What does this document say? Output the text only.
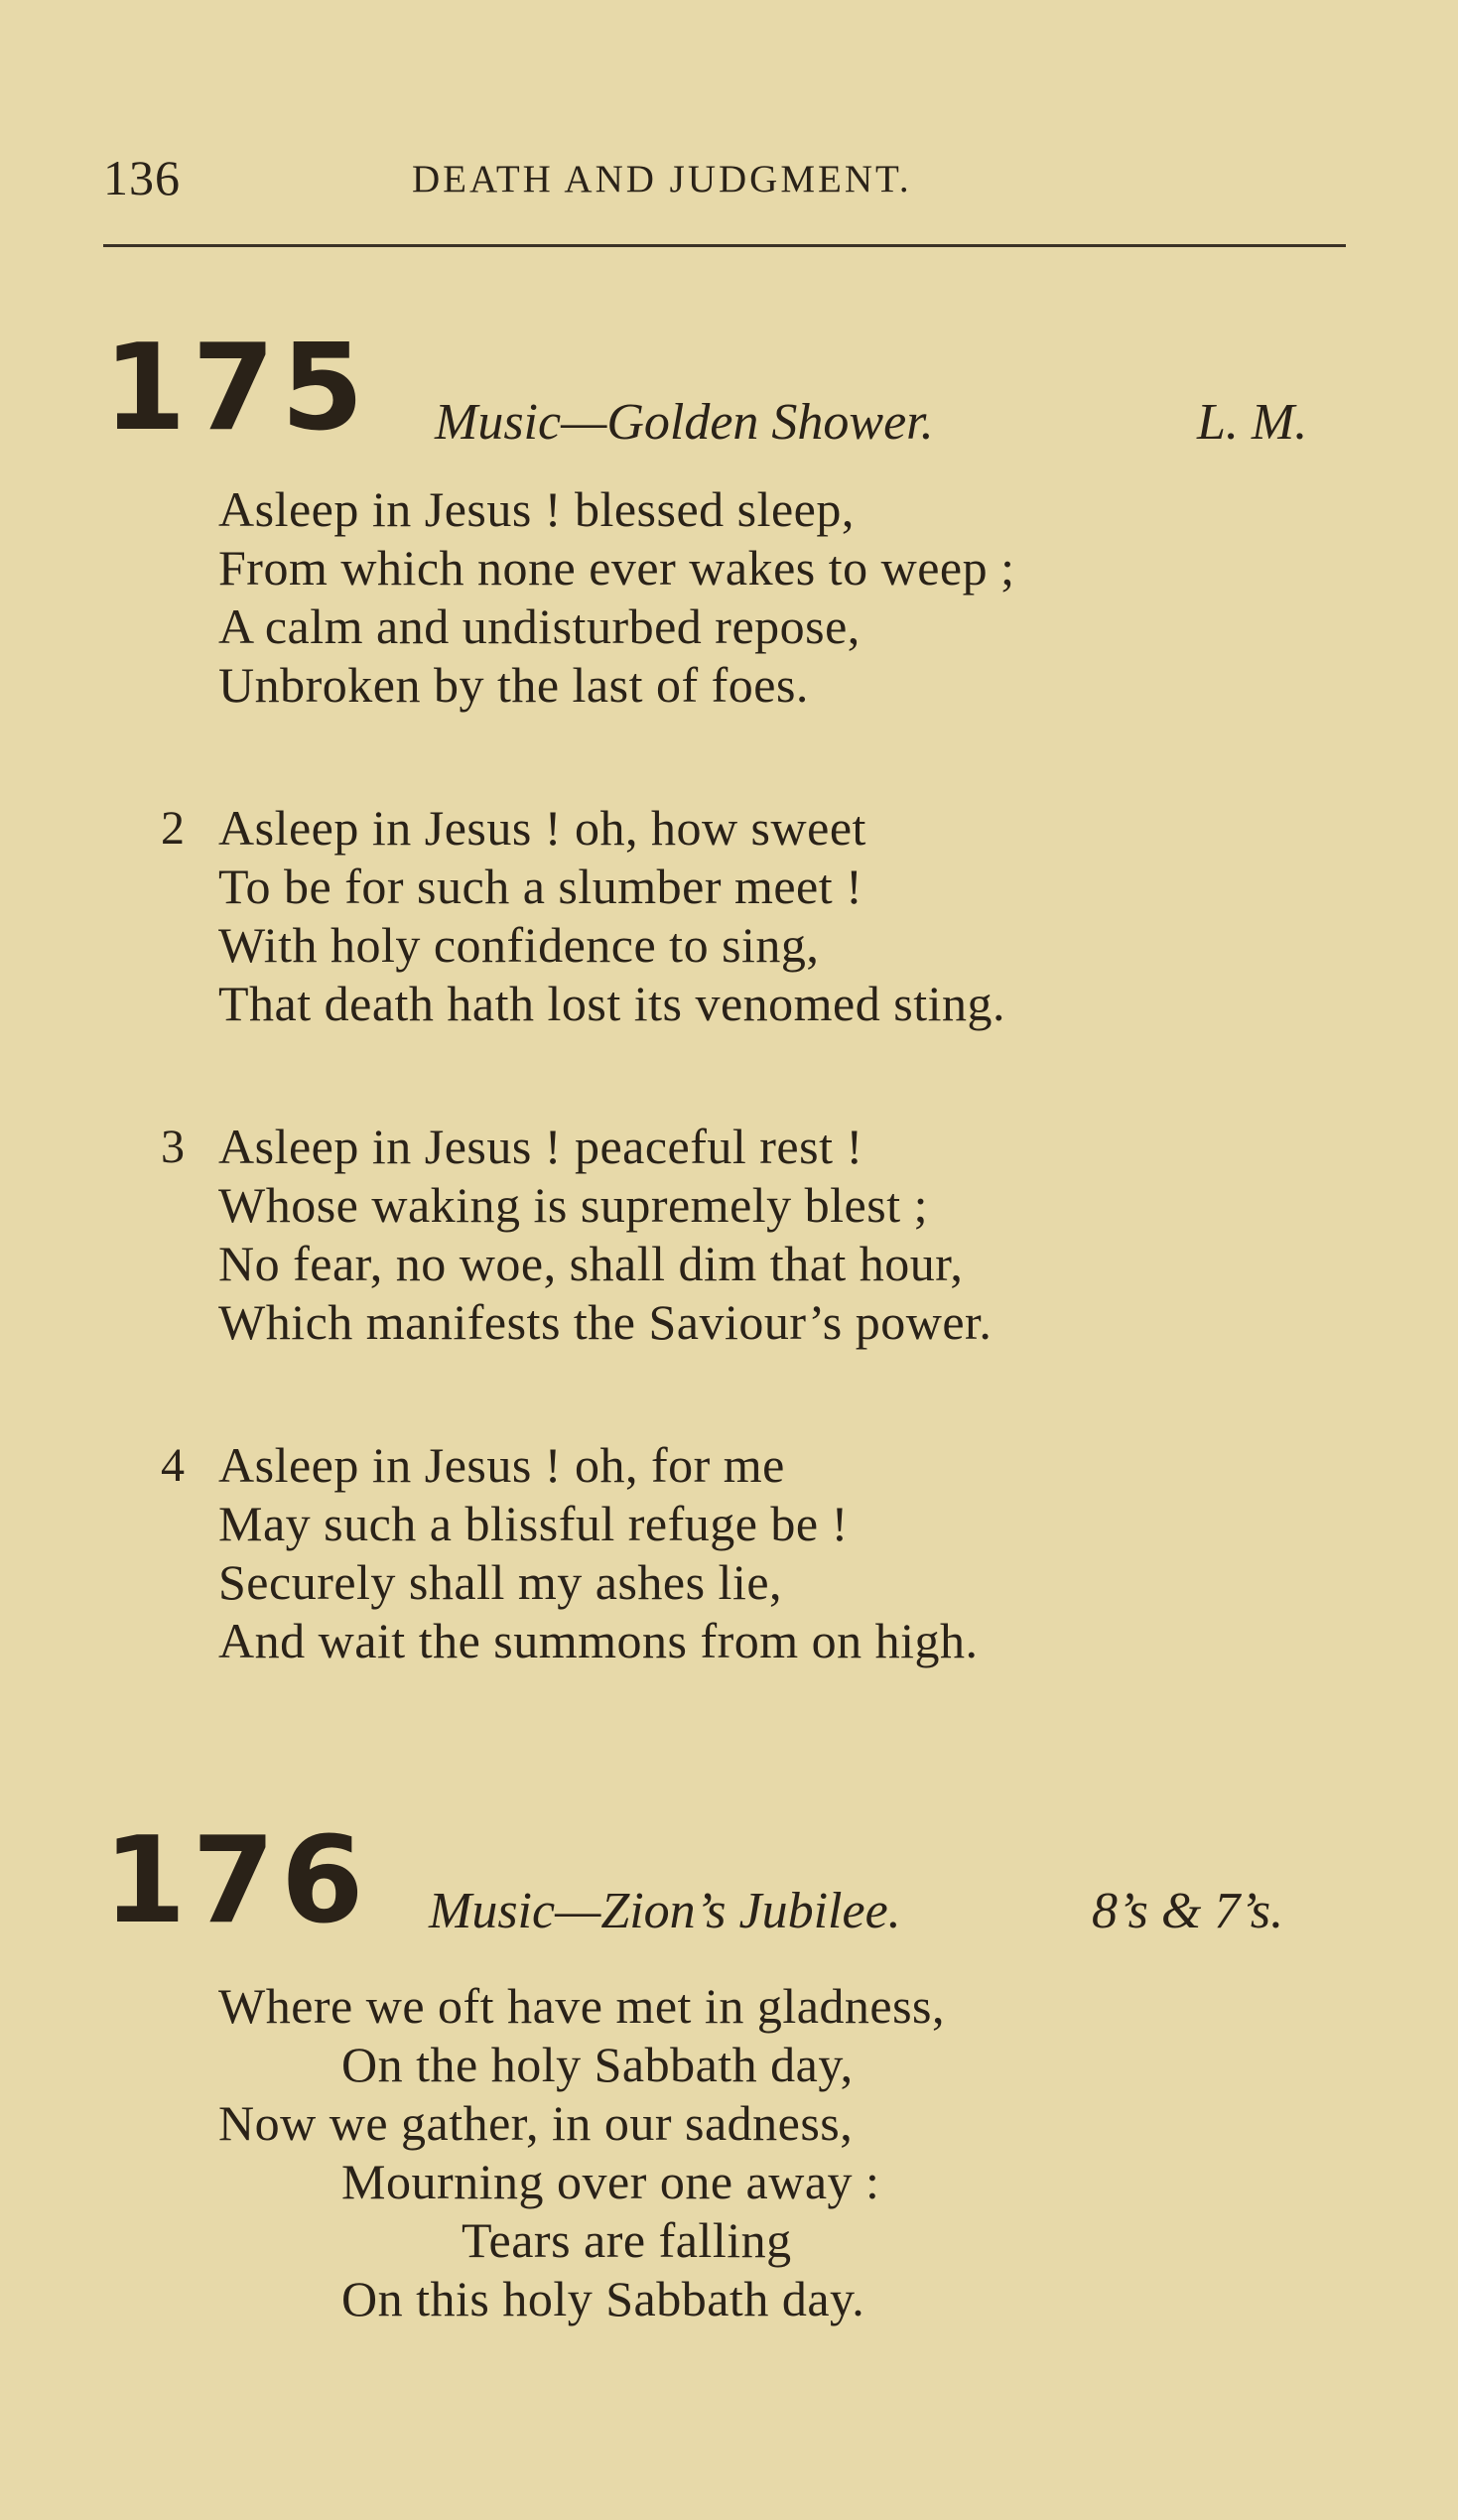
136	DEATH AND JUDGMENT.
175 Music—Golden Shower.	L. M.
Asleep in Jesus ! blessed sleep,
From which none ever wakes to weep ;
A calm and undisturbed repose,
Unbroken by the last of foes.
2 Asleep in Jesus ! oh, how sweet
To be for such a slumber meet !
With holy confidence to sing,
That death hath lost its venomed sting.
3 Asleep in Jesus ! peaceful rest !
Whose waking is supremely blest ;
No fear, no woe, shall dim that hour,
Which manifests the Saviour’s power.
4 Asleep in Jesus ! oh, for me
May such a blissful refuge be !
Securely shall my ashes lie,
And wait the summons from on high.
176 Music—Zion’s Jubilee.	8’s & 7’s.
Where we oft have met in gladness,
On the holy Sabbath day,
Now we gather, in our sadness,
Mourning over one away :
Tears are falling
On this holy Sabbath day.
